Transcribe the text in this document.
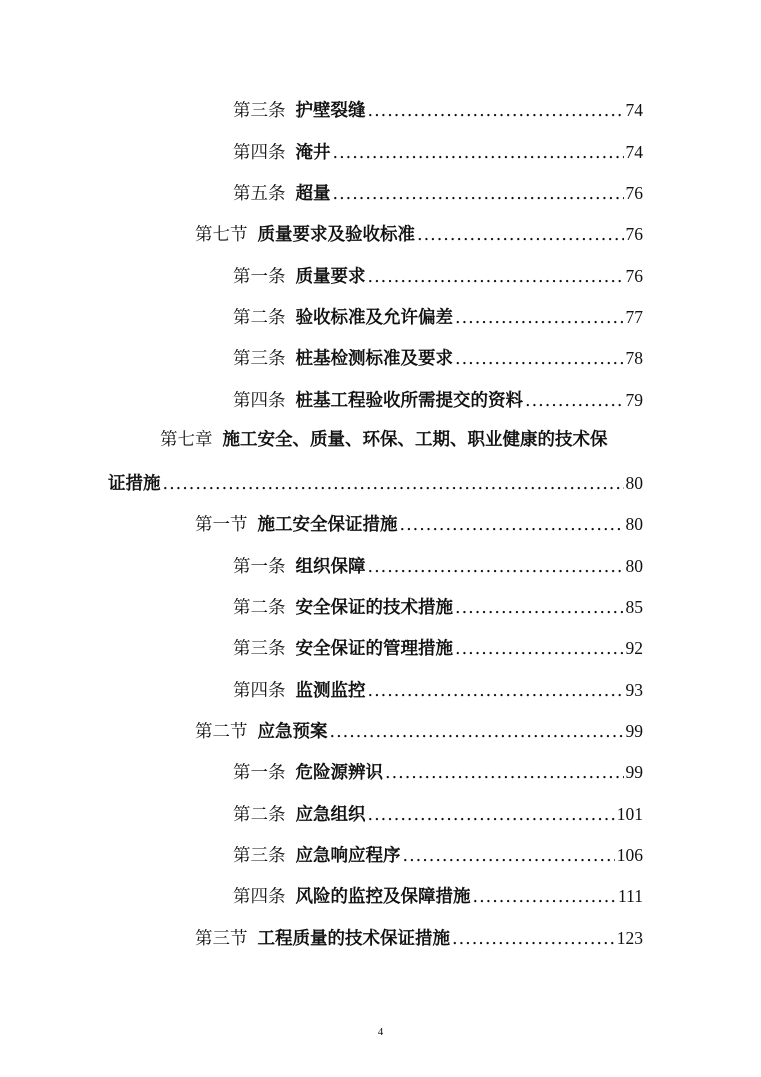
第三条 护壁裂缝 .....	74
第四条 淹井 .....	74
第五条 超量 .....	76
第七节 质量要求及验收标准 .....	76
第一条 质量要求 .....	76
第二条 验收标准及允许偏差 .....	77
第三条 桩基检测标准及要求 .....	78
第四条 桩基工程验收所需提交的资料 .....	79
第七章 施工安全、质量、环保、工期、职业健康的技术保
证措施 .....	80
第一节 施工安全保证措施 .....	80
第一条 组织保障 .....	80
第二条 安全保证的技术措施 .....	85
第三条 安全保证的管理措施 .....	92
第四条 监测监控 .....	93
第二节 应急预案 .....	99
第一条 危险源辨识 .....	99
第二条 应急组织 .....	101
第三条 应急响应程序 .....	106
第四条 风险的监控及保障措施 .....	111
第三节 工程质量的技术保证措施 .....	123
4
